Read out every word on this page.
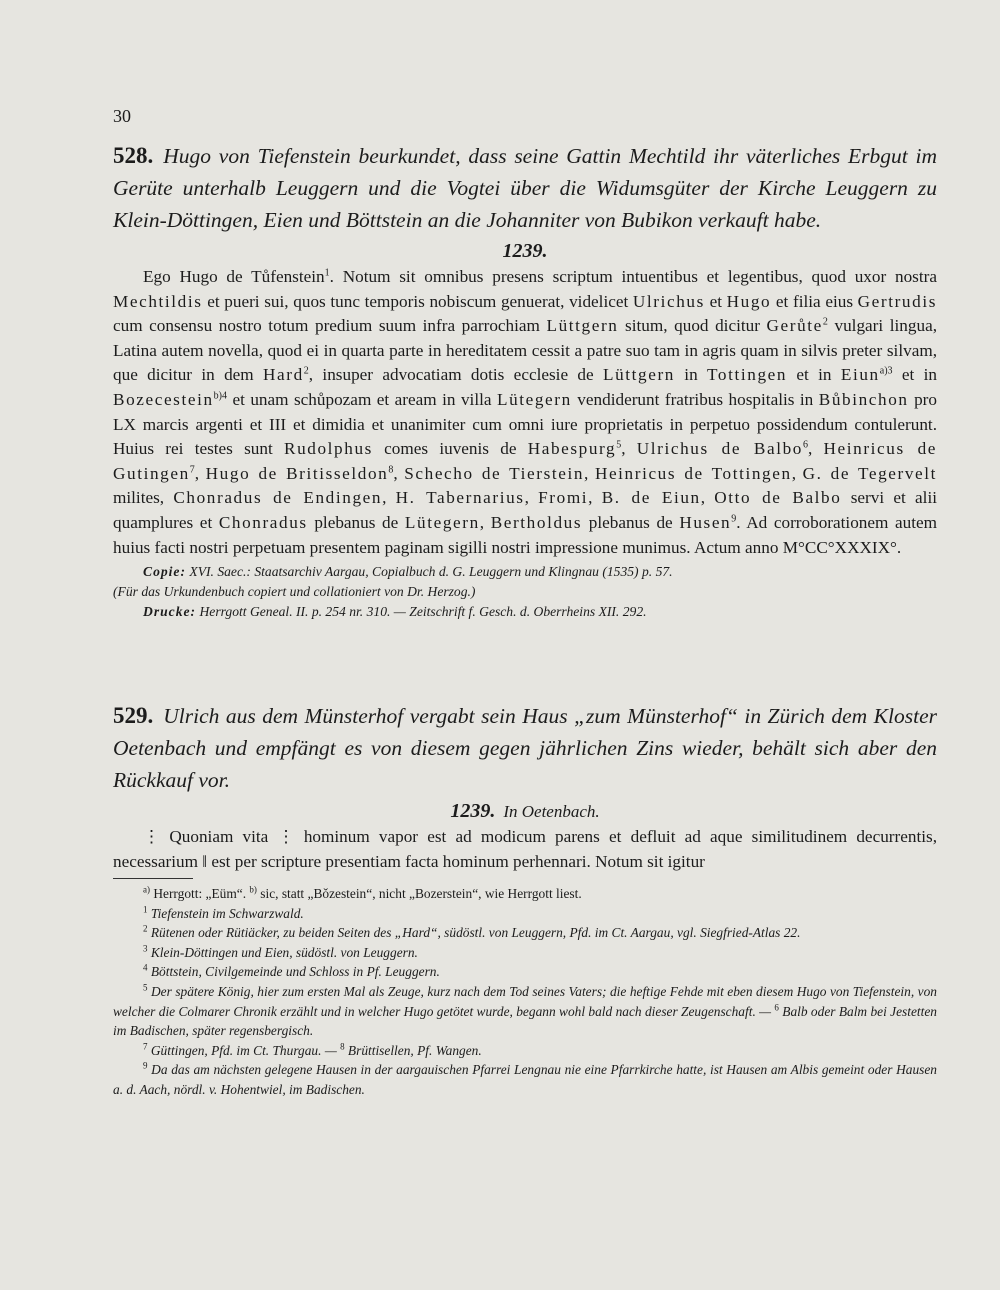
30

528. Hugo von Tiefenstein beurkundet, dass seine Gattin Mechtild ihr väterliches Erbgut im Gerüte unterhalb Leuggern und die Vogtei über die Widumsgüter der Kirche Leuggern zu Klein-Döttingen, Eien und Böttstein an die Johanniter von Bubikon verkauft habe.

1239.

Ego Hugo de Tůfenstein$^1$. Notum sit omnibus presens scriptum intuentibus et legentibus, quod uxor nostra Mechtildis et pueri sui, quos tunc temporis nobiscum genuerat, videlicet Ulrichus et Hugo et filia eius Gertrudis cum consensu nostro totum predium suum infra parrochiam Lüttgern situm, quod dicitur Gerůte$^2$ vulgari lingua, Latina autem novella, quod ei in quarta parte in hereditatem cessit a patre suo tam in agris quam in silvis preter silvam, que dicitur in dem Hard$^2$, insuper advocatiam dotis ecclesie de Lüttgern in Tottingen et in Eiun$^{a)3}$ et in Bozecestein$^{b)4}$ et unam schůpozam et aream in villa Lütegern vendiderunt fratribus hospitalis in Bůbinchon pro LX marcis argenti et III et dimidia et unanimiter cum omni iure proprietatis in perpetuo possidendum contulerunt. Huius rei testes sunt Rudolphus comes iuvenis de Habespurg$^5$, Ulrichus de Balbo$^6$, Heinricus de Gutingen$^7$, Hugo de Britisseldon$^8$, Schecho de Tierstein, Heinricus de Tottingen, G. de Tegervelt milites, Chonradus de Endingen, H. Tabernarius, Fromi, B. de Eiun, Otto de Balbo servi et alii quamplures et Chonradus plebanus de Lütegern, Bertholdus plebanus de Husen$^9$. Ad corroborationem autem huius facti nostri perpetuam presentem paginam sigilli nostri impressione munimus. Actum anno M°CC°XXXIX°.

Copie: XVI. Saec.: Staatsarchiv Aargau, Copialbuch d. G. Leuggern und Klingnau (1535) p. 57.

(Für das Urkundenbuch copiert und collationiert von Dr. Herzog.)

Drucke: Herrgott Geneal. II. p. 254 nr. 310. — Zeitschrift f. Gesch. d. Oberrheins XII. 292.

529. Ulrich aus dem Münsterhof vergabt sein Haus „zum Münsterhof“ in Zürich dem Kloster Oetenbach und empfängt es von diesem gegen jährlichen Zins wieder, behält sich aber den Rückkauf vor.

1239. In Oetenbach.

⋮ Quoniam vita ⋮ hominum vapor est ad modicum parens et defluit ad aque similitudinem decurrentis, necessarium ‖ est per scripture presentiam facta hominum perhennari. Notum sit igitur

$^{a)}$ Herrgott: „Eüm“. $^{b)}$ sic, statt „Bǒzestein“, nicht „Bozerstein“, wie Herrgott liest.

$^1$ Tiefenstein im Schwarzwald.

$^2$ Rütenen oder Rütiäcker, zu beiden Seiten des „Hard“, südöstl. von Leuggern, Pfd. im Ct. Aargau, vgl. Siegfried-Atlas 22.

$^3$ Klein-Döttingen und Eien, südöstl. von Leuggern.

$^4$ Böttstein, Civilgemeinde und Schloss in Pf. Leuggern.

$^5$ Der spätere König, hier zum ersten Mal als Zeuge, kurz nach dem Tod seines Vaters; die heftige Fehde mit eben diesem Hugo von Tiefenstein, von welcher die Colmarer Chronik erzählt und in welcher Hugo getötet wurde, begann wohl bald nach dieser Zeugenschaft. — $^6$ Balb oder Balm bei Jestetten im Badischen, später regensbergisch.

$^7$ Güttingen, Pfd. im Ct. Thurgau. — $^8$ Brüttisellen, Pf. Wangen.

$^9$ Da das am nächsten gelegene Hausen in der aargauischen Pfarrei Lengnau nie eine Pfarrkirche hatte, ist Hausen am Albis gemeint oder Hausen a. d. Aach, nördl. v. Hohentwiel, im Badischen.
